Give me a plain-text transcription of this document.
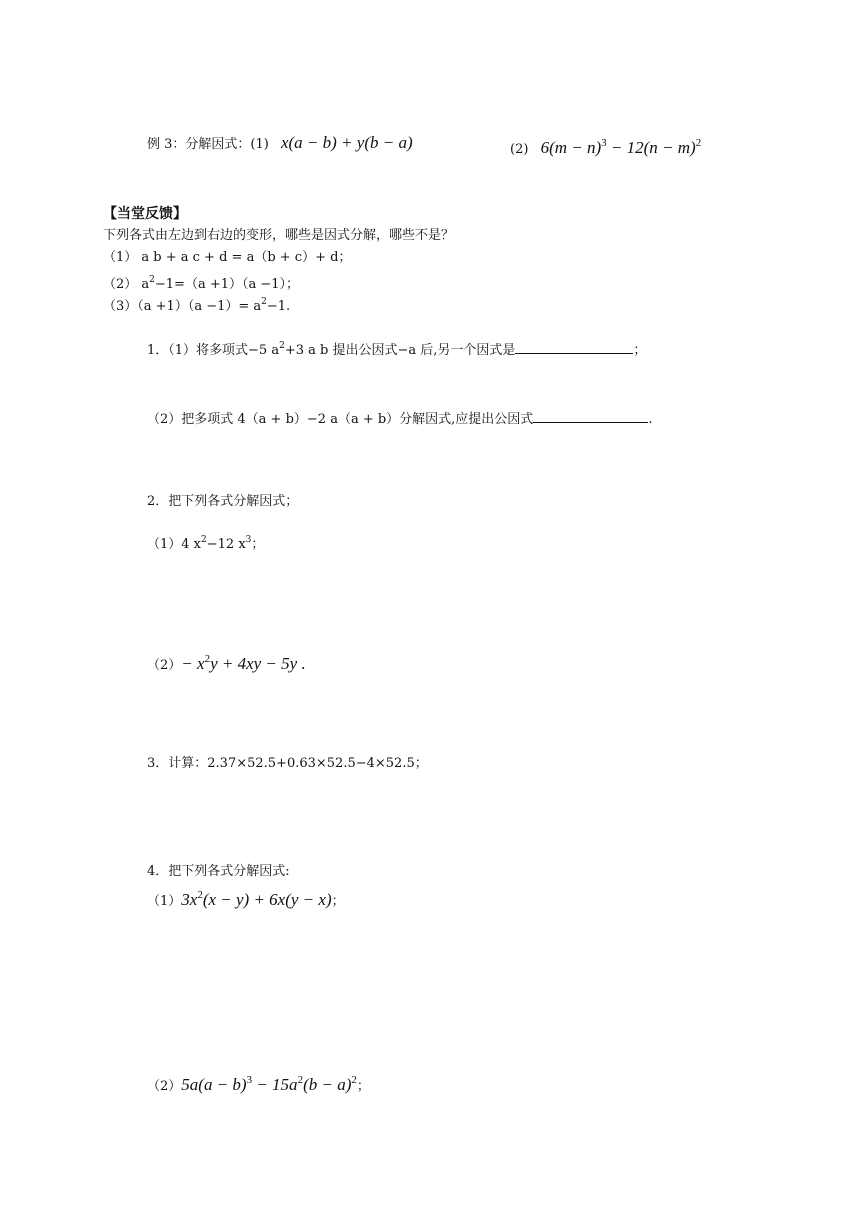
例 3：分解因式：(1) x(a − b) + y(b − a)	(2) $6(m - n)^3 - 12(n - m)^2$
【当堂反馈】
下列各式由左边到右边的变形，哪些是因式分解，哪些不是？
（1） a b + a c + d = a（b + c）+ d；
（2） $a^2-1=(a +1)(a -1)$；
$(3)(a +1)(a -1)= a^2-1$.
1．（1）将多项式−5 $a^2+3$ a b 提出公因式−a 后,另一个因式是	；
（2）把多项式 4（a + b）−2 a（a + b）分解因式,应提出公因式	.
2．把下列各式分解因式；
（1）4 $x^2-12$ $x^3$；
$(2)- x^2y + 4xy - 5y$ .
3．计算：2.37×52.5+0.63×52.5−4×52.5；
4．把下列各式分解因式:
$(1)3x^2(x - y) + 6x(y - x)$；
$(2)5a(a - b)^3 - 15a^2(b - a)^2$；
